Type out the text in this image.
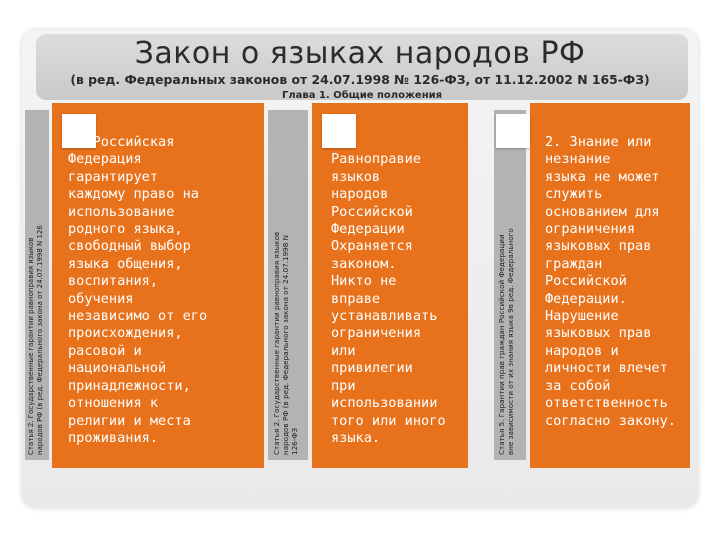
Закон о языках народов РФ
(в ред. Федеральных законов от 24.07.1998 № 126-ФЗ, от 11.12.2002 N 165-ФЗ)
Глава 1. Общие положения
Статья 2. Государственные гарантии равноправия языков
народов РФ (в ред. Федерального закона от 24.07.1998 N 126
1. Российская
Федерация
гарантирует
каждому право на
использование
родного языка,
свободный выбор
языка общения,
воспитания,
обучения
независимо от его
происхождения,
расовой и
национальной
принадлежности,
отношения к
религии и места
проживания.	Статья 2. Государственные гарантии равноправия языков
народов РФ (в ред. Федерального закона от 24.07.1998 N
126-ФЗ
4.
Равноправие
языков
народов
Российской
Федерации
Охраняется
законом.
Никто не
вправе
устанавливать
ограничения
или
привилегии
при
использовании
того или иного
языка.	Статья 5. Гарантии прав граждан Российской Федерации
вне зависимости от их знания языка 9в ред. Федерального
2. Знание или
незнание
языка не может
служить
основанием для
ограничения
языковых прав
граждан
Российской
Федерации.
Нарушение
языковых прав
народов и
личности влечет
за собой
ответственность
согласно закону.
